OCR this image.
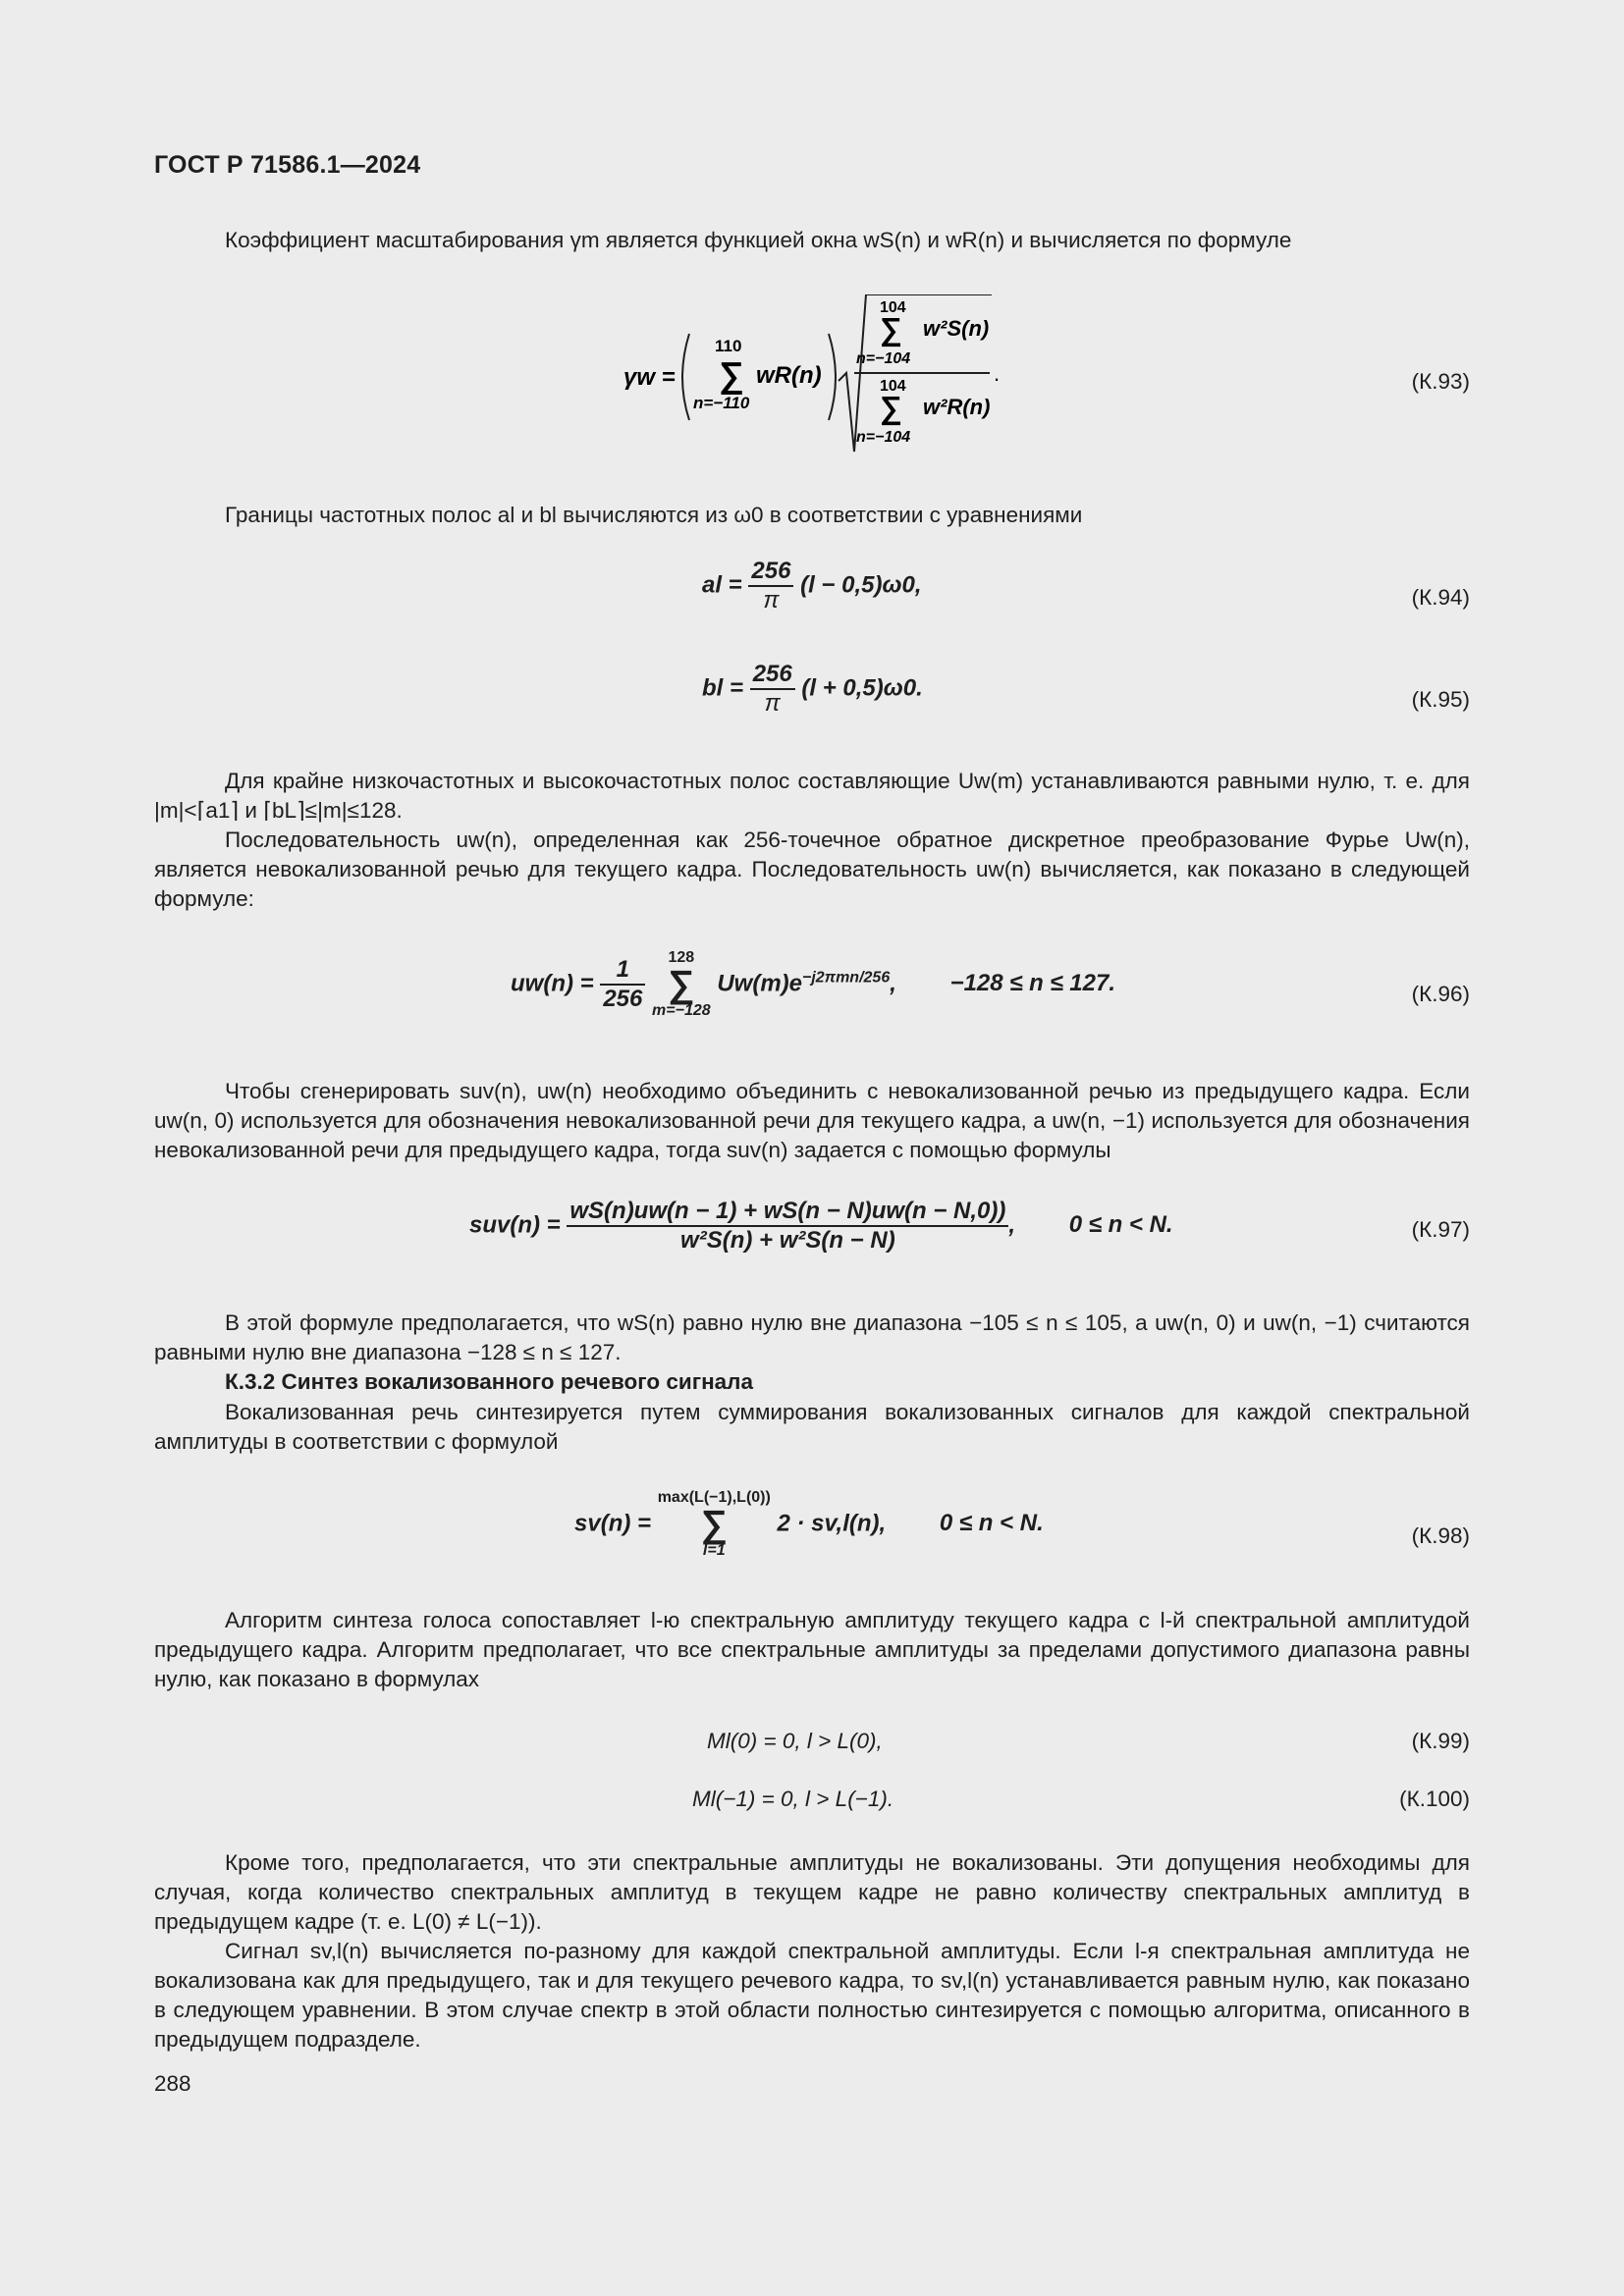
ГОСТ Р 71586.1—2024
Коэффициент масштабирования γm является функцией окна wS(n) и wR(n) и вычисляется по формуле
γw =
110
∑
n=−110
wR(n)
104
∑
n=−104
w²S(n)
104
∑
n=−104
w²R(n)
.	(К.93)
Границы частотных полос al и bl вычисляются из ω0 в соответствии с уравнениями
al = $\frac{256}{\pi} (l - 0,5)\omega 0$,	(К.94)
bl = $\frac{256}{\pi} (l + 0,5)\omega 0$.	(К.95)
Для крайне низкочастотных и высокочастотных полос составляющие Uw(m) устанавливаются равными нулю, т. е. для |m|<⌈a1⌉ и ⌈bL⌉≤|m|≤128.
Последовательность uw(n), определенная как 256-точечное обратное дискретное преобразование Фурье Uw(n), является невокализованной речью для текущего кадра. Последовательность uw(n) вычисляется, как показано в следующей формуле:
$uw(n) = \frac{1}{256}$
	128
∑
m=−128
$Uw(m)e^{-j2\pi mn/256}$, −128 ≤ n ≤ 127.	(К.96)
Чтобы сгенерировать suv(n), uw(n) необходимо объединить с невокализованной речью из предыдущего кадра. Если uw(n, 0) используется для обозначения невокализованной речи для текущего кадра, а uw(n, −1) используется для обозначения невокализованной речи для предыдущего кадра, тогда suv(n) задается с помощью формулы
$suv(n) = \frac{wS(n)uw(n - 1) + wS(n - N)uw(n - N,0))}{\text{w²S(n) + w²S(n − N)}}$ , 0 ≤ n < N.	(К.97)
В этой формуле предполагается, что wS(n) равно нулю вне диапазона −105 ≤ n ≤ 105, а uw(n, 0) и uw(n, −1) считаются равными нулю вне диапазона −128 ≤ n ≤ 127.
К.3.2 Синтез вокализованного речевого сигнала
Вокализованная речь синтезируется путем суммирования вокализованных сигналов для каждой спектральной амплитуды в соответствии с формулой
sv(n) =
max(L(−1),L(0))
∑
l=1
2 · sv,l(n), 0 ≤ n < N.	(К.98)
Алгоритм синтеза голоса сопоставляет l-ю спектральную амплитуду текущего кадра с l-й спектральной амплитудой предыдущего кадра. Алгоритм предполагает, что все спектральные амплитуды за пределами допустимого диапазона равны нулю, как показано в формулах
Ml(0) = 0, l > L(0),	(К.99)
Ml(−1) = 0, l > L(−1).	(К.100)
Кроме того, предполагается, что эти спектральные амплитуды не вокализованы. Эти допущения необходимы для случая, когда количество спектральных амплитуд в текущем кадре не равно количеству спектральных амплитуд в предыдущем кадре (т. е. L(0) ≠ L(−1)).
Сигнал sv,l(n) вычисляется по-разному для каждой спектральной амплитуды. Если l-я спектральная амплитуда не вокализована как для предыдущего, так и для текущего речевого кадра, то sv,l(n) устанавливается равным нулю, как показано в следующем уравнении. В этом случае спектр в этой области полностью синтезируется с помощью алгоритма, описанного в предыдущем подразделе.
288
